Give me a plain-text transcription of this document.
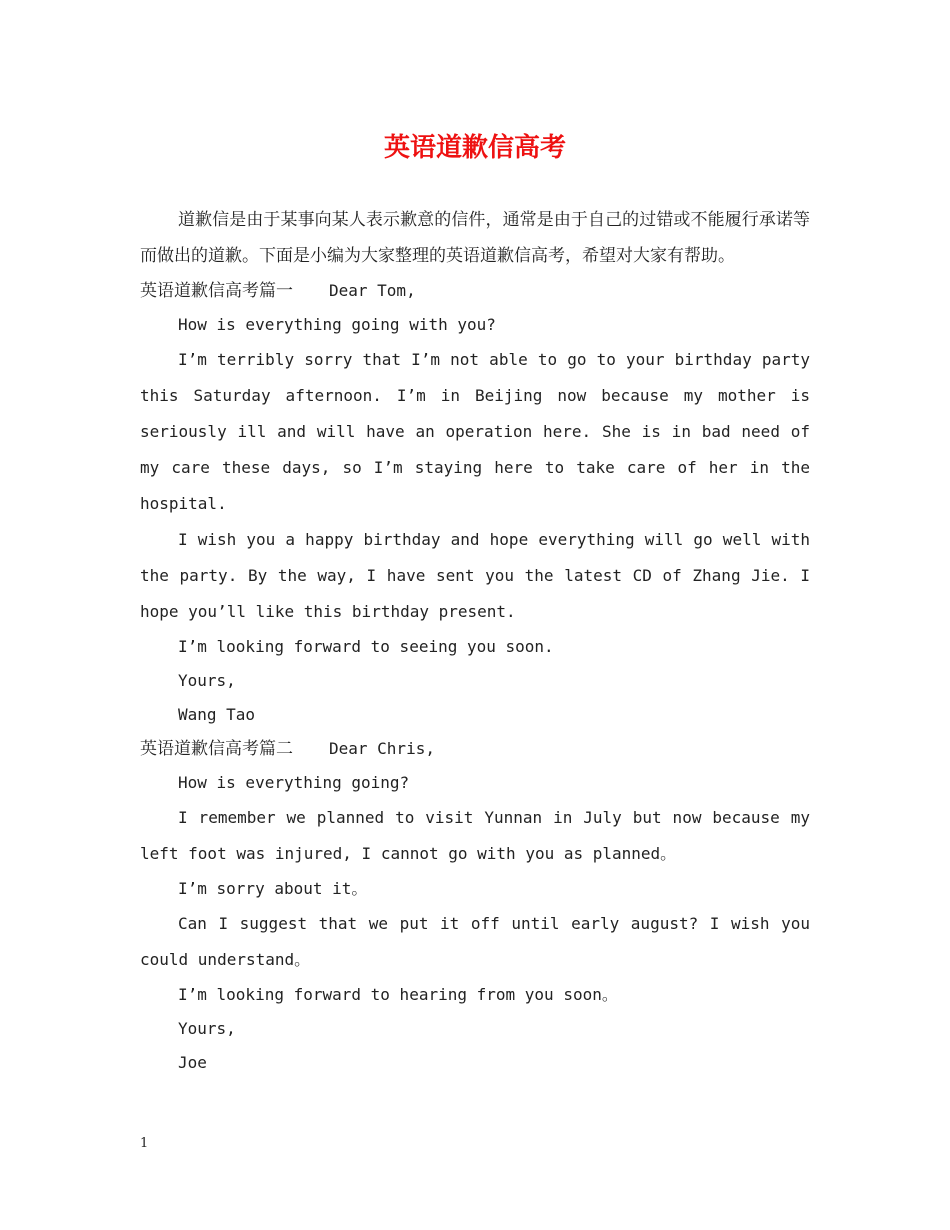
英语道歉信高考

道歉信是由于某事向某人表示歉意的信件，通常是由于自己的过错或不能履行承诺等而做出的道歉。下面是小编为大家整理的英语道歉信高考，希望对大家有帮助。

英语道歉信高考篇一 Dear Tom,

How is everything going with you?

I’m terribly sorry that I’m not able to go to your birthday party this Saturday afternoon. I’m in Beijing now because my mother is seriously ill and will have an operation here. She is in bad need of my care these days, so I’m staying here to take care of her in the hospital.

I wish you a happy birthday and hope everything will go well with the party. By the way, I have sent you the latest CD of Zhang Jie. I hope you’ll like this birthday present.

I’m looking forward to seeing you soon.

Yours,

Wang Tao

英语道歉信高考篇二 Dear Chris,

How is everything going?

I remember we planned to visit Yunnan in July but now because my left foot was injured, I cannot go with you as planned。

I’m sorry about it。

Can I suggest that we put it off until early august? I wish you could understand。

I’m looking forward to hearing from you soon。

Yours,

Joe

1
